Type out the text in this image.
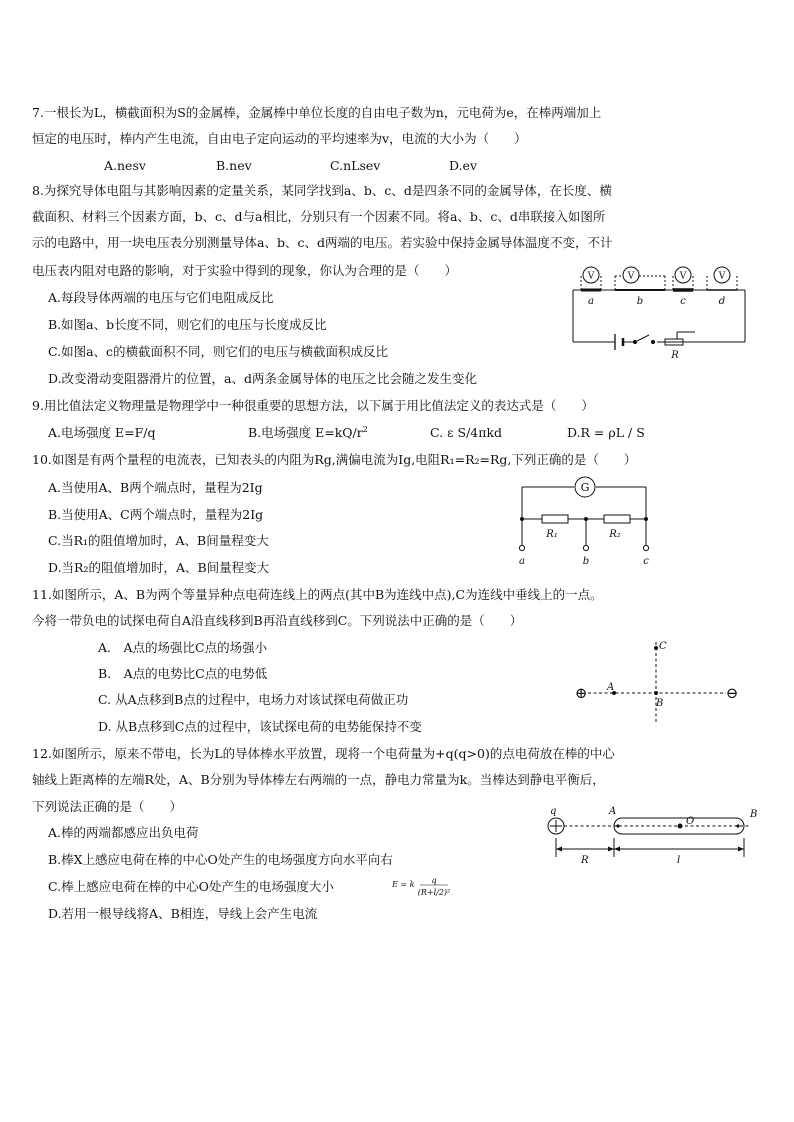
7.一根长为L，横截面积为S的金属棒，金属棒中单位长度的自由电子数为n，元电荷为e，在棒两端加上
恒定的电压时，棒内产生电流，自由电子定向运动的平均速率为v，电流的大小为（　　）
A.nesv	B.nev	C.nLsev	D.ev
8.为探究导体电阻与其影响因素的定量关系，某同学找到a、b、c、d是四条不同的金属导体，在长度、横
截面积、材料三个因素方面，b、c、d与a相比，分别只有一个因素不同。将a、b、c、d串联接入如图所
示的电路中，用一块电压表分别测量导体a、b、c、d两端的电压。若实验中保持金属导体温度不变，不计
电压表内阻对电路的影响，对于实验中得到的现象，你认为合理的是（　　）
A.每段导体两端的电压与它们电阻成反比
B.如图a、b长度不同，则它们的电压与长度成反比
C.如图a、c的横截面积不同，则它们的电压与横截面积成反比
D.改变滑动变阻器滑片的位置，a、d两条金属导体的电压之比会随之发生变化
V	V	V	V
a	b	c	d
R
9.用比值法定义物理量是物理学中一种很重要的思想方法，以下属于用比值法定义的表达式是（　　）
A.电场强度 E=F/q	B.电场强度 $E=kQ/r^2$	C. ε S/4πkd	D.R = ρL / S
10.如图是有两个量程的电流表，已知表头的内阻为Rg,满偏电流为Ig,电阻R₁=R₂=Rg,下列正确的是（　　）
A.当使用A、B两个端点时，量程为2Ig
B.当使用A、C两个端点时，量程为2Ig
C.当R₁的阻值增加时，A、B间量程变大
D.当R₂的阻值增加时，A、B间量程变大
G
R₁	R₂
a	b	c
11.如图所示，A、B为两个等量异种点电荷连线上的两点(其中B为连线中点),C为连线中垂线上的一点。
今将一带负电的试探电荷自A沿直线移到B再沿直线移到C。下列说法中正确的是（　　）
A.　A点的场强比C点的场强小
B.　A点的电势比C点的电势低
C. 从A点移到B点的过程中，电场力对该试探电荷做正功
D. 从B点移到C点的过程中，该试探电荷的电势能保持不变
⊕	⊖
A
B
C
12.如图所示，原来不带电，长为L的导体棒水平放置，现将一个电荷量为+q(q>0)的点电荷放在棒的中心
轴线上距离棒的左端R处，A、B分别为导体棒左右两端的一点，静电力常量为k。当棒达到静电平衡后，
下列说法正确的是（　　）
A.棒的两端都感应出负电荷
B.棒X上感应电荷在棒的中心O处产生的电场强度方向水平向右
C.棒上感应电荷在棒的中心O处产生的电场强度大小
D.若用一根导线将A、B相连，导线上会产生电流
E = k q
(R+l/2)²
q	A	B
O
R	l
